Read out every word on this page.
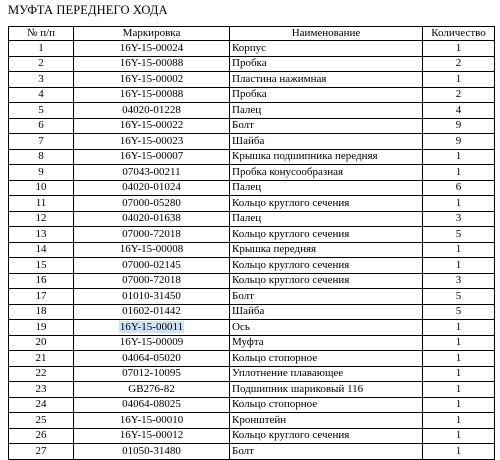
МУФТА ПЕРЕДНЕГО ХОДА
№ п/п	Маркировка	Наименование	Количество
1	16Y-15-00024	Корпус	1
2	16Y-15-00088	Пробка	2
3	16Y-15-00002	Пластина нажимная	1
4	16Y-15-00088	Пробка	2
5	04020-01228	Палец	4
6	16Y-15-00022	Болт	9
7	16Y-15-00023	Шайба	9
8	16Y-15-00007	Крышка подшипника передняя	1
9	07043-00211	Пробка конусообразная	1
10	04020-01024	Палец	6
11	07000-05280	Кольцо круглого сечения	1
12	04020-01638	Палец	3
13	07000-72018	Кольцо круглого сечения	5
14	16Y-15-00008	Крышка передняя	1
15	07000-02145	Кольцо круглого сечения	1
16	07000-72018	Кольцо круглого сечения	3
17	01010-31450	Болт	5
18	01602-01442	Шайба	5
19	16Y-15-00011	Ось	1
20	16Y-15-00009	Муфта	1
21	04064-05020	Кольцо стопорное	1
22	07012-10095	Уплотнение плавающее	1
23	GB276-82	Подшипник шариковый 116	1
24	04064-08025	Кольцо стопорное	1
25	16Y-15-00010	Кронштейн	1
26	16Y-15-00012	Кольцо круглого сечения	1
27	01050-31480	Болт	1
